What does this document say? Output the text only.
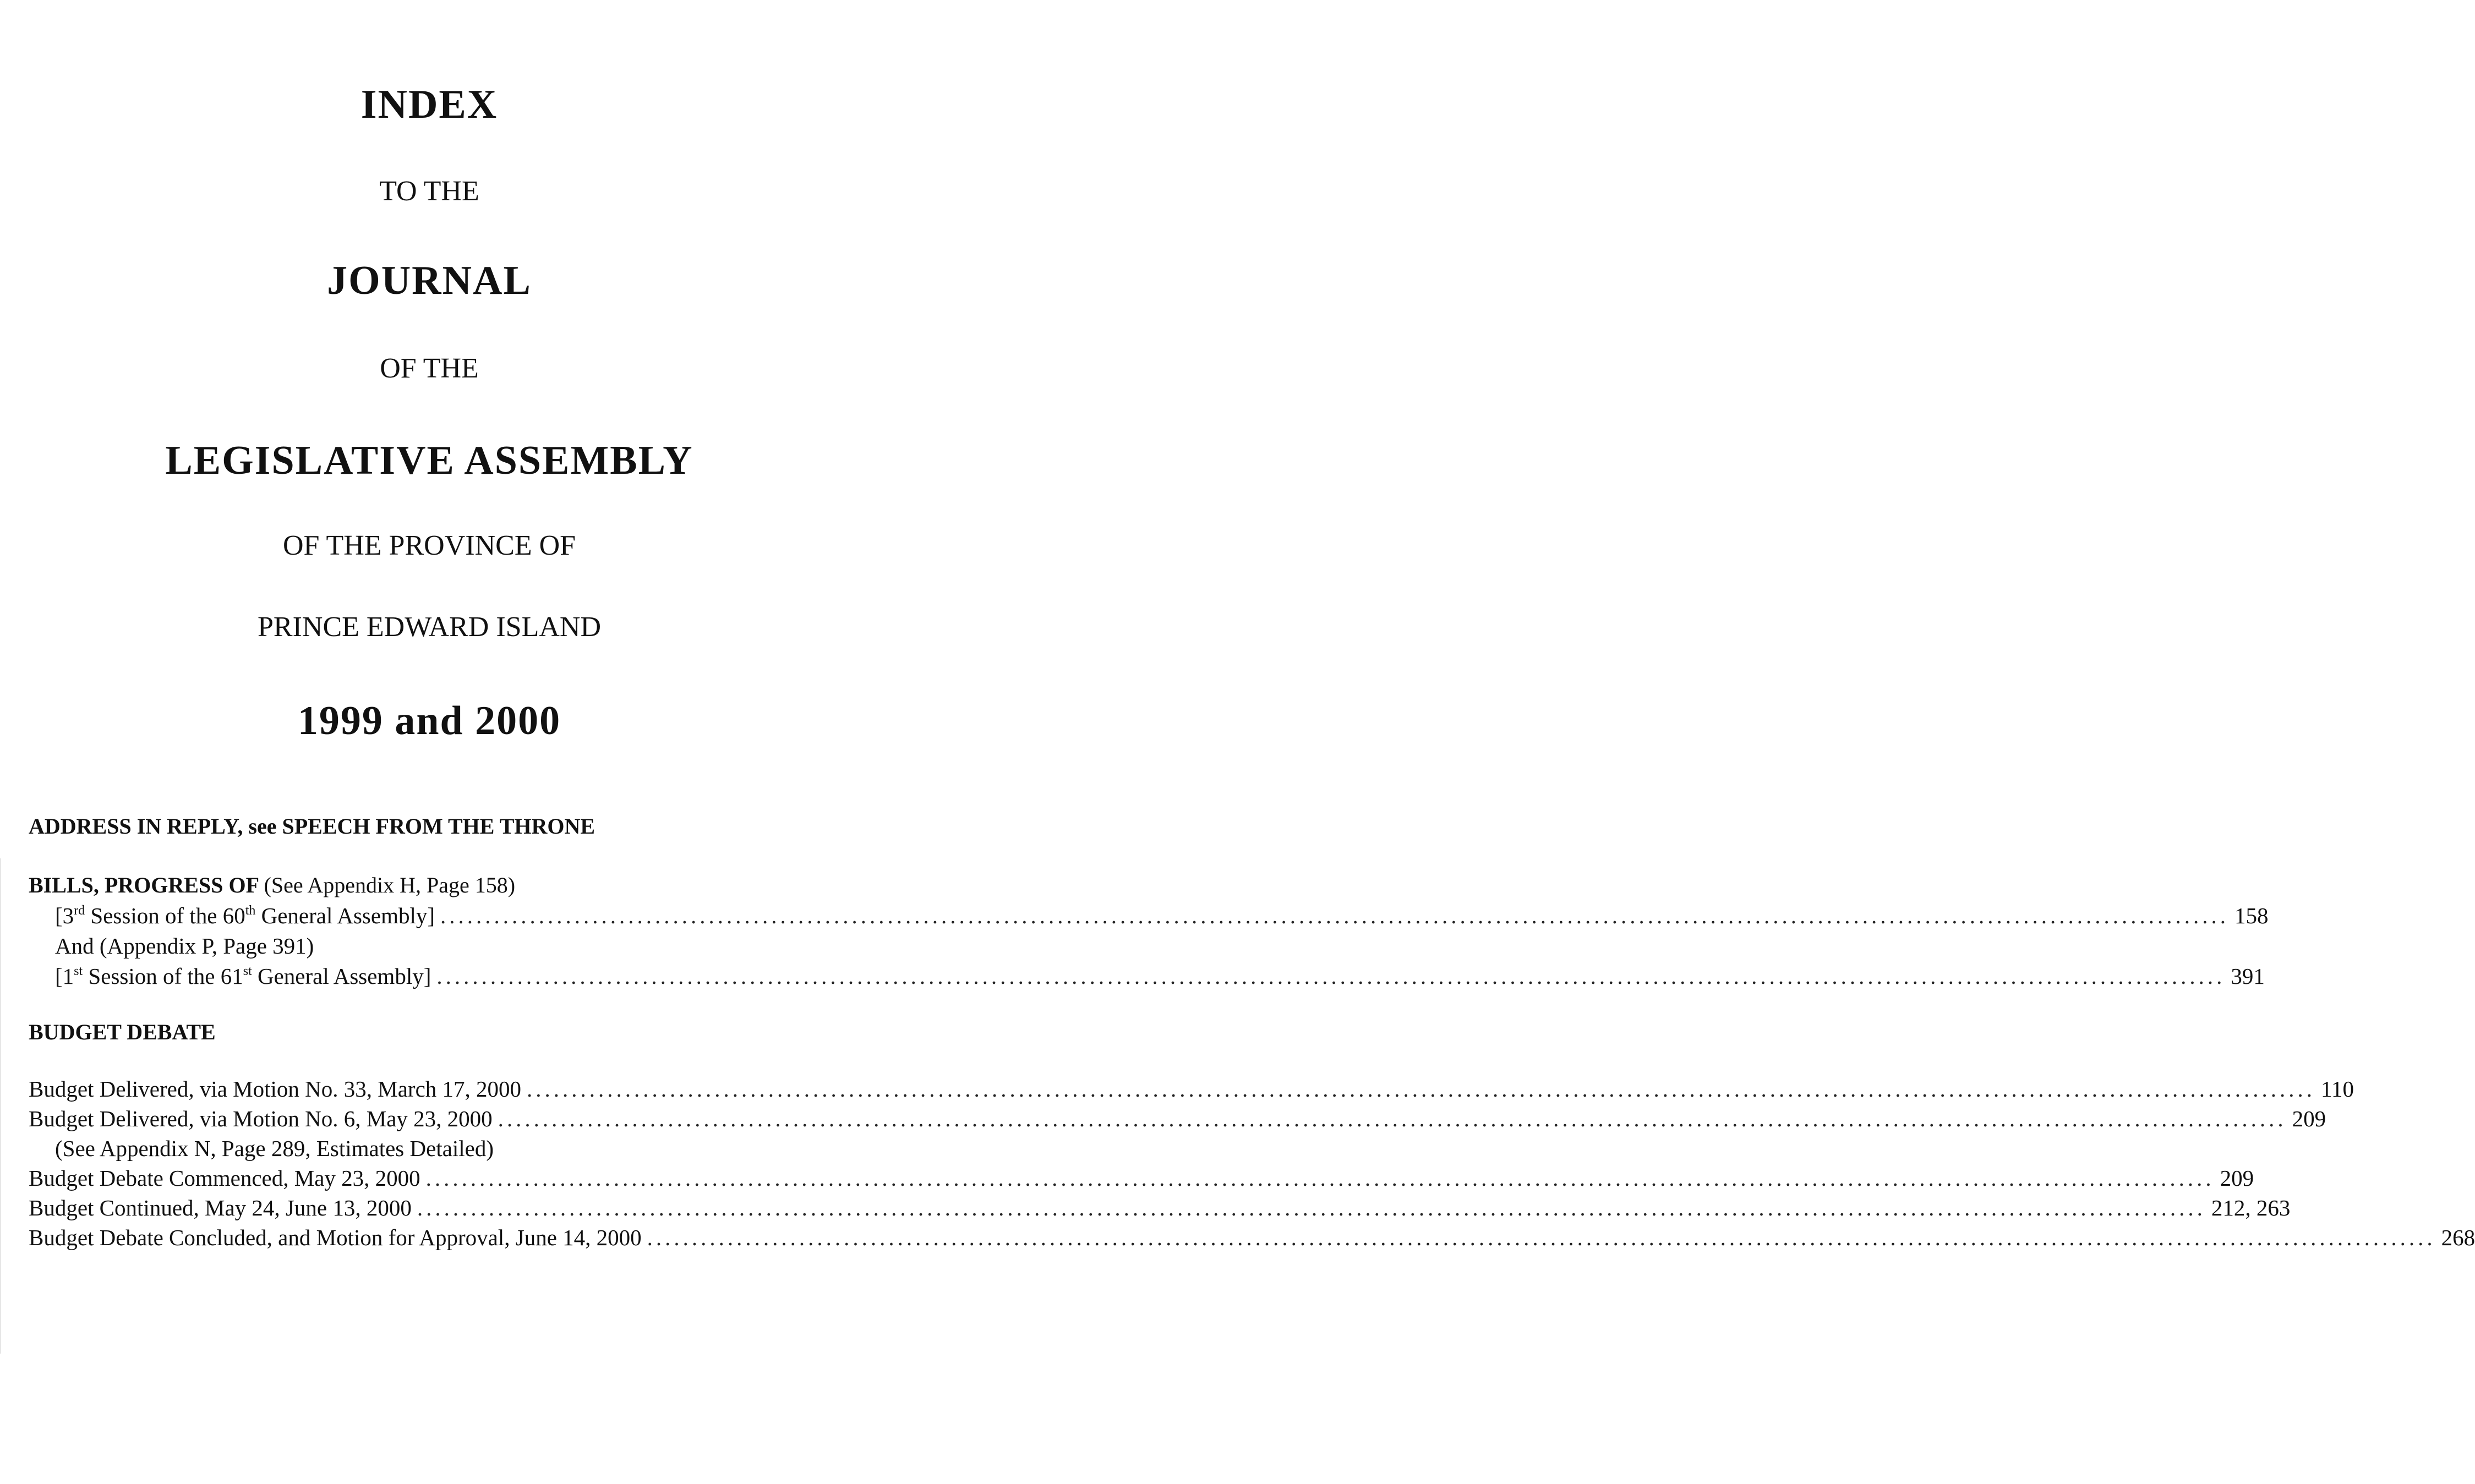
INDEX
TO THE
JOURNAL
OF THE
LEGISLATIVE ASSEMBLY
OF THE PROVINCE OF
PRINCE EDWARD ISLAND
1999 and 2000
ADDRESS IN REPLY, see SPEECH FROM THE THRONE
BILLS, PROGRESS OF (See Appendix H, Page 158)
[3rd Session of the 60th General Assembly] ........................................................................................................................................................................................................ 158
And (Appendix P, Page 391)
[1st Session of the 61st General Assembly] ........................................................................................................................................................................................................ 391
BUDGET DEBATE
Budget Delivered, via Motion No. 33, March 17, 2000 ........................................................................................................................................................................................................ 110
Budget Delivered, via Motion No. 6, May 23, 2000 ........................................................................................................................................................................................................ 209
(See Appendix N, Page 289, Estimates Detailed)
Budget Debate Commenced, May 23, 2000 ........................................................................................................................................................................................................ 209
Budget Continued, May 24, June 13, 2000 ........................................................................................................................................................................................................ 212, 263
Budget Debate Concluded, and Motion for Approval, June 14, 2000 ........................................................................................................................................................................................................ 268
